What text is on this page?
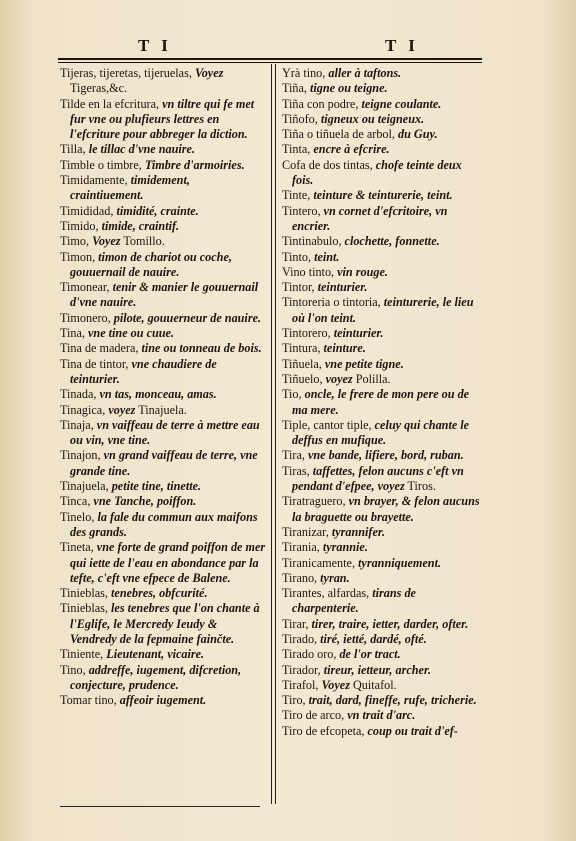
T I	T I
Tijeras, tijeretas, tijeruelas, Voyez Tigeras,&c.
Tilde en la efcritura, vn tiltre qui fe met fur vne ou plufieurs lettres en l'efcriture pour abbreger la diction.
Tilla, le tillac d'vne nauire.
Timble o timbre, Timbre d'armoiries.
Timidamente, timidement, craintiuement.
Timididad, timidité, crainte.
Timido, timide, craintif.
Timo, Voyez Tomillo.
Timon, timon de chariot ou coche, gouuernail de nauire.
Timonear, tenir & manier le gouuernail d'vne nauire.
Timonero, pilote, gouuerneur de nauire.
Tina, vne tine ou cuue.
Tina de madera, tine ou tonneau de bois.
Tina de tintor, vne chaudiere de teinturier.
Tinada, vn tas, monceau, amas.
Tinagica, voyez Tinajuela.
Tinaja, vn vaiffeau de terre à mettre eau ou vin, vne tine.
Tinajon, vn grand vaiffeau de terre, vne grande tine.
Tinajuela, petite tine, tinette.
Tinca, vne Tanche, poiffon.
Tinelo, la fale du commun aux maifons des grands.
Tineta, vne forte de grand poiffon de mer qui iette de l'eau en abondance par la tefte, c'eft vne efpece de Balene.
Tinieblas, tenebres, obfcurité.
Tinieblas, les tenebres que l'on chante à l'Eglife, le Mercredy Ieudy & Vendredy de la fepmaine fainčte.
Tiniente, Lieutenant, vicaire.
Tino, addreffe, iugement, difcretion, conjecture, prudence.
Tomar tino, affeoir iugement.
Yrà tino, aller à taftons.
Tiña, tigne ou teigne.
Tiña con podre, teigne coulante.
Tiñofo, tigneux ou teigneux.
Tiña o tiñuela de arbol, du Guy.
Tinta, encre à efcrire.
Cofa de dos tintas, chofe teinte deux fois.
Tinte, teinture & teinturerie, teint.
Tintero, vn cornet d'efcritoire, vn encrier.
Tintinabulo, clochette, fonnette.
Tinto, teint.
Vino tinto, vin rouge.
Tintor, teinturier.
Tintoreria o tintoria, teinturerie, le lieu où l'on teint.
Tintorero, teinturier.
Tintura, teinture.
Tiñuela, vne petite tigne.
Tiñuelo, voyez Polilla.
Tio, oncle, le frere de mon pere ou de ma mere.
Tiple, cantor tiple, celuy qui chante le deffus en mufique.
Tira, vne bande, lifiere, bord, ruban.
Tiras, taffettes, felon aucuns c'eft vn pendant d'efpee, voyez Tiros.
Tiratraguero, vn brayer, & felon aucuns la braguette ou brayette.
Tiranizar, tyrannifer.
Tirania, tyrannie.
Tiranicamente, tyranniquement.
Tirano, tyran.
Tirantes, alfardas, tirans de charpenterie.
Tirar, tirer, traire, ietter, darder, ofter.
Tirado, tiré, ietté, dardé, ofté.
Tirado oro, de l'or tract.
Tirador, tireur, ietteur, archer.
Tirafol, Voyez Quitafol.
Tiro, trait, dard, fineffe, rufe, tricherie.
Tiro de arco, vn trait d'arc.
Tiro de efcopeta, coup ou trait d'ef-
